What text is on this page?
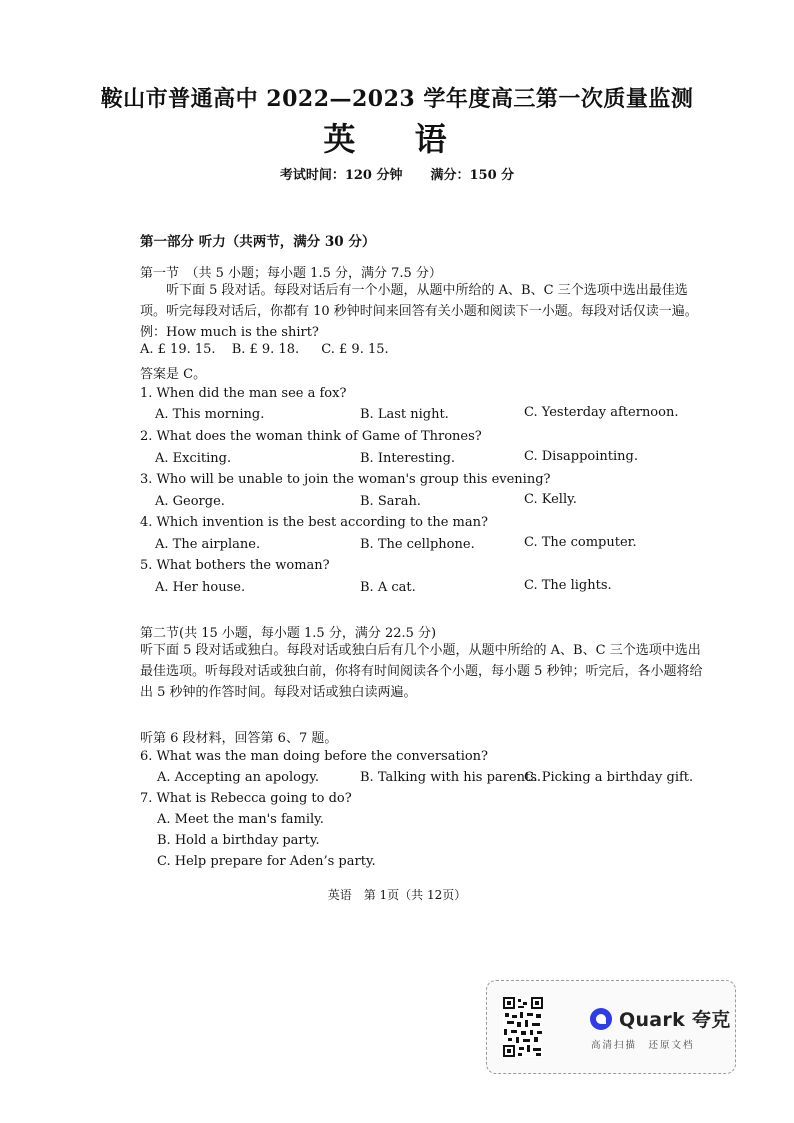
鞍山市普通高中 2022—2023 学年度高三第一次质量监测
英 语
考试时间：120 分钟 满分：150 分
第一部分 听力（共两节，满分 30 分）
第一节　（共 5 小题；每小题 1.5 分，满分 7.5 分）
听下面 5 段对话。每段对话后有一个小题，从题中所给的 A、B、C 三个选项中选出最佳选项。听完每段对话后，你都有 10 秒钟时间来回答有关小题和阅读下一小题。每段对话仅读一遍。
例：How much is the shirt?
A. £ 19. 15. B. £ 9. 18. C. £ 9. 15.
答案是 C。
1. When did the man see a fox?
A. This morning.	B. Last night.	C. Yesterday afternoon.
2. What does the woman think of Game of Thrones?
A. Exciting.	B. Interesting.	C. Disappointing.
3. Who will be unable to join the woman's group this evening?
A. George.	B. Sarah.	C. Kelly.
4. Which invention is the best according to the man?
A. The airplane.	B. The cellphone.	C. The computer.
5. What bothers the woman?
A. Her house.	B. A cat.	C. The lights.
第二节(共 15 小题，每小题 1.5 分，满分 22.5 分)
听下面 5 段对话或独白。每段对话或独白后有几个小题，从题中所给的 A、B、C 三个选项中选出最佳选项。听每段对话或独白前，你将有时间阅读各个小题，每小题 5 秒钟；听完后，各小题将给出 5 秒钟的作答时间。每段对话或独白读两遍。
听第 6 段材料，回答第 6、7 题。
6. What was the man doing before the conversation?
A. Accepting an apology.	B. Talking with his parents.
C. Picking a birthday gift.
7. What is Rebecca going to do?
A. Meet the man's family.
B. Hold a birthday party.
C. Help prepare for Aden’s party.
英语 第 1页（共 12页）
Quark 夸克
高清扫描　还原文档
